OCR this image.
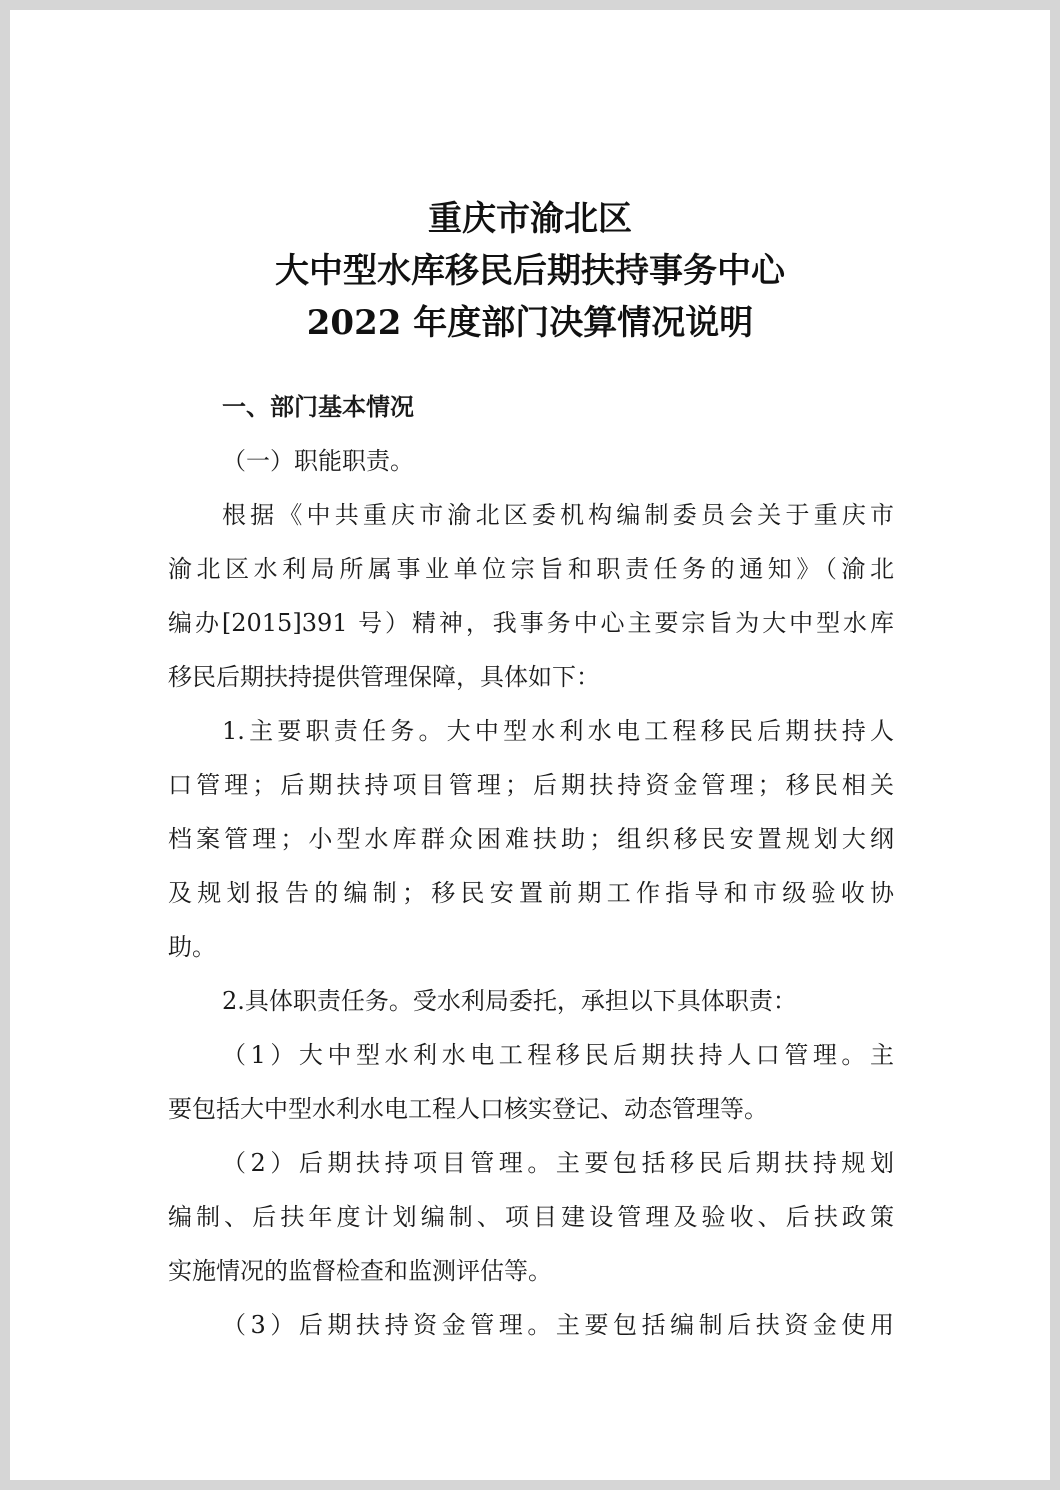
重庆市渝北区
大中型水库移民后期扶持事务中心
2022 年度部门决算情况说明
一、部门基本情况
（一）职能职责。
根据《中共重庆市渝北区委机构编制委员会关于重庆市
渝北区水利局所属事业单位宗旨和职责任务的通知》（渝北
编办[2015]391 号）精神，我事务中心主要宗旨为大中型水库
移民后期扶持提供管理保障，具体如下：
1.主要职责任务。大中型水利水电工程移民后期扶持人
口管理；后期扶持项目管理；后期扶持资金管理；移民相关
档案管理；小型水库群众困难扶助；组织移民安置规划大纲
及规划报告的编制；移民安置前期工作指导和市级验收协
助。
2.具体职责任务。受水利局委托，承担以下具体职责：
（1）大中型水利水电工程移民后期扶持人口管理。主
要包括大中型水利水电工程人口核实登记、动态管理等。
（2）后期扶持项目管理。主要包括移民后期扶持规划
编制、后扶年度计划编制、项目建设管理及验收、后扶政策
实施情况的监督检查和监测评估等。
（3）后期扶持资金管理。主要包括编制后扶资金使用
